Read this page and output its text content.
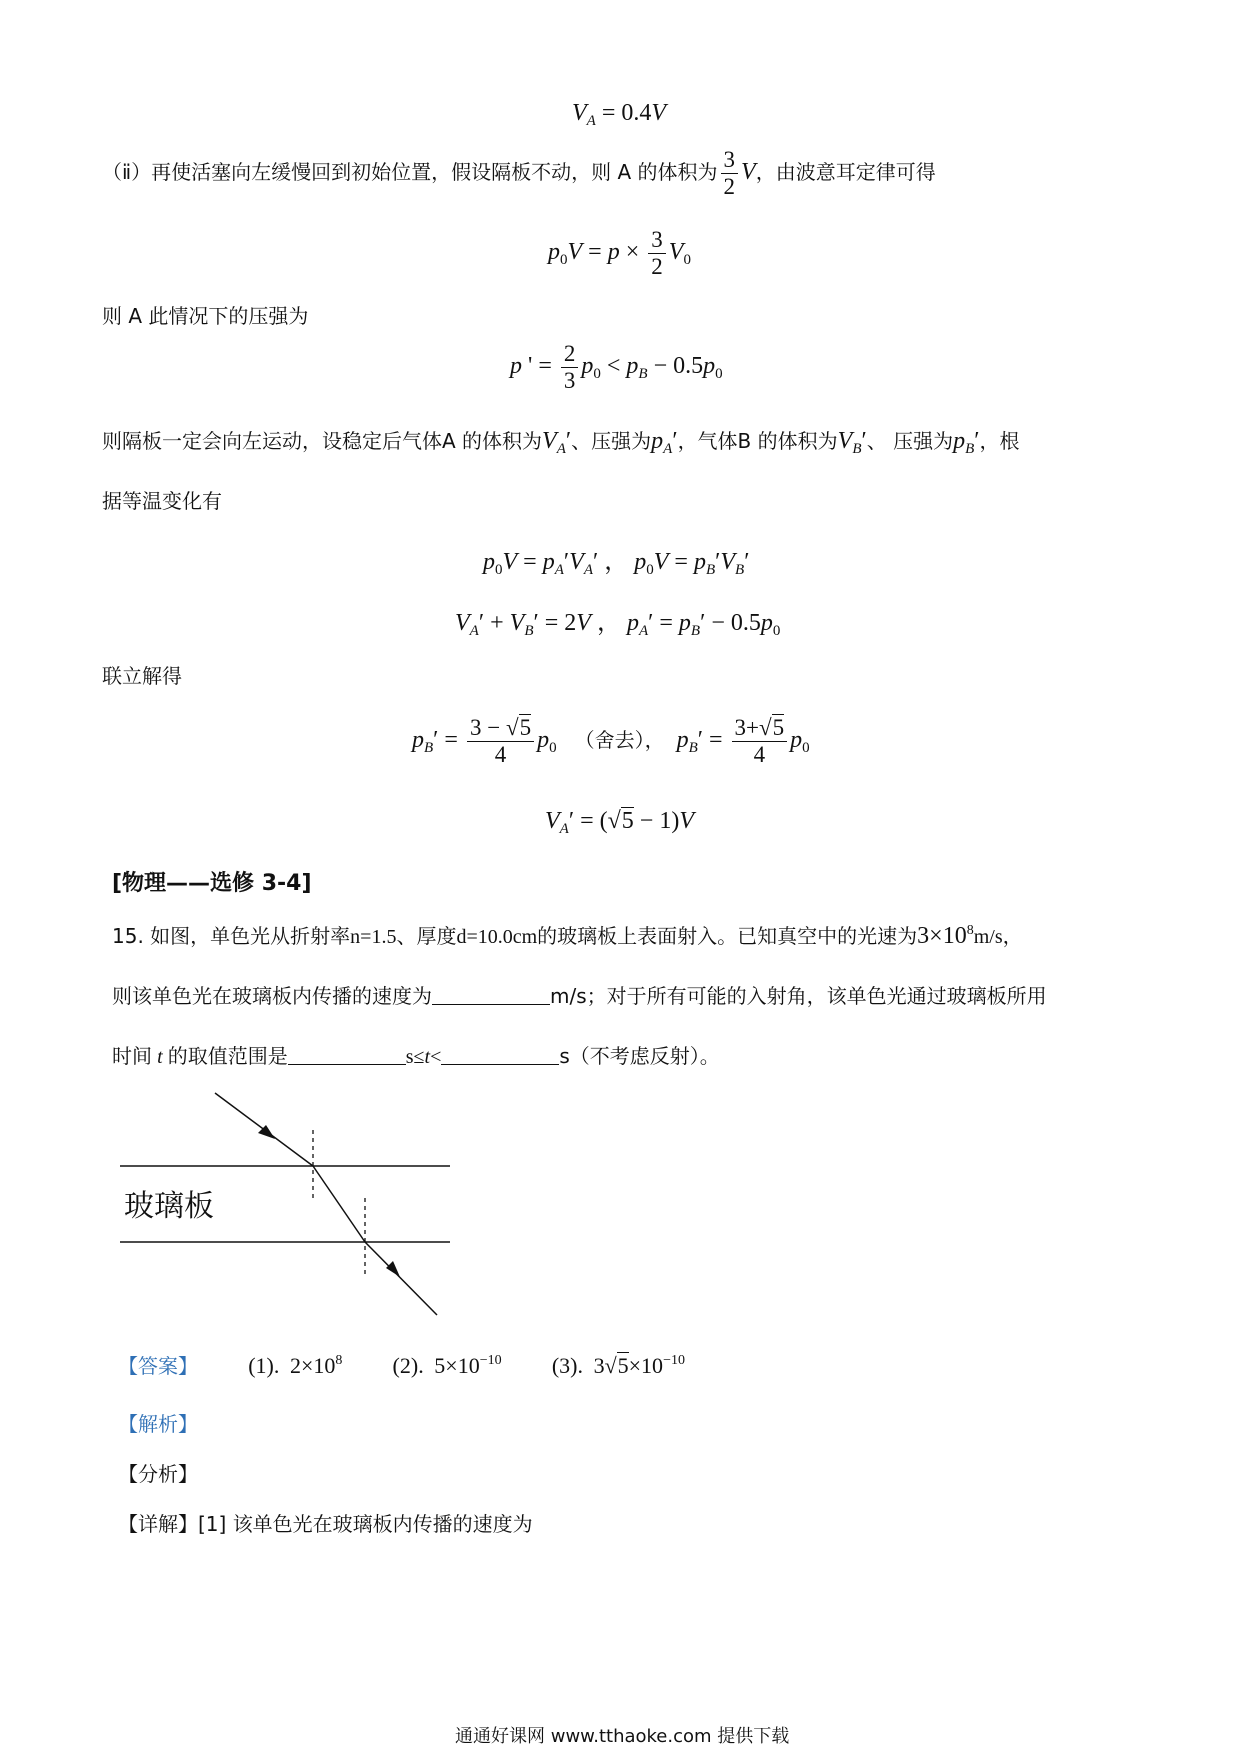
$V_A = 0.4V$
（ⅱ）再使活塞向左缓慢回到初始位置，假设隔板不动，则 A 的体积为 $\frac{3}{2}$ V，由波意耳定律可得
$p_0V = p \times \frac{3}{2} V_0$
则 A 此情况下的压强为
p ' = $\frac{2}{3} p_0 < p_B - 0.5p_0$
则隔板一定会向左运动，设稳定后气体A 的体积为$V_A'$、压强为$p_A'$，气体B 的体积为$V_B'$、 压强为$p_B'$，根
据等温变化有
$p_0V = p_A'V_A'$ ， $p_0V = p_B'V_B'$
$V_A' + V_B' = 2V$ ， $p_A' = p_B' - 0.5p_0$
联立解得
$p_B' = \frac{3 - √5}{4} p_0$ （舍去）， $p_B' = \frac{3+√5}{4} p_0$
$V_A' = (√5 - 1)V$
[物理——选修 3-4]
15. 如图，单色光从折射率n=1.5、厚度d=10.0cm的玻璃板上表面射入。已知真空中的光速为$3\times 10^8m/s$，
则该单色光在玻璃板内传播的速度为	m/s；对于所有可能的入射角，该单色光通过玻璃板所用
时间 t 的取值范围是	s≤t<	s（不考虑反射）。
玻璃板
【答案】 (1).  $2\times 10^8$ (2).  $5\times 10^{-10}$ (3).  $3√5\times 10^{-10}$
【解析】
【分析】
【详解】[1] 该单色光在玻璃板内传播的速度为
通通好课网 www.tthaoke.com 提供下载
